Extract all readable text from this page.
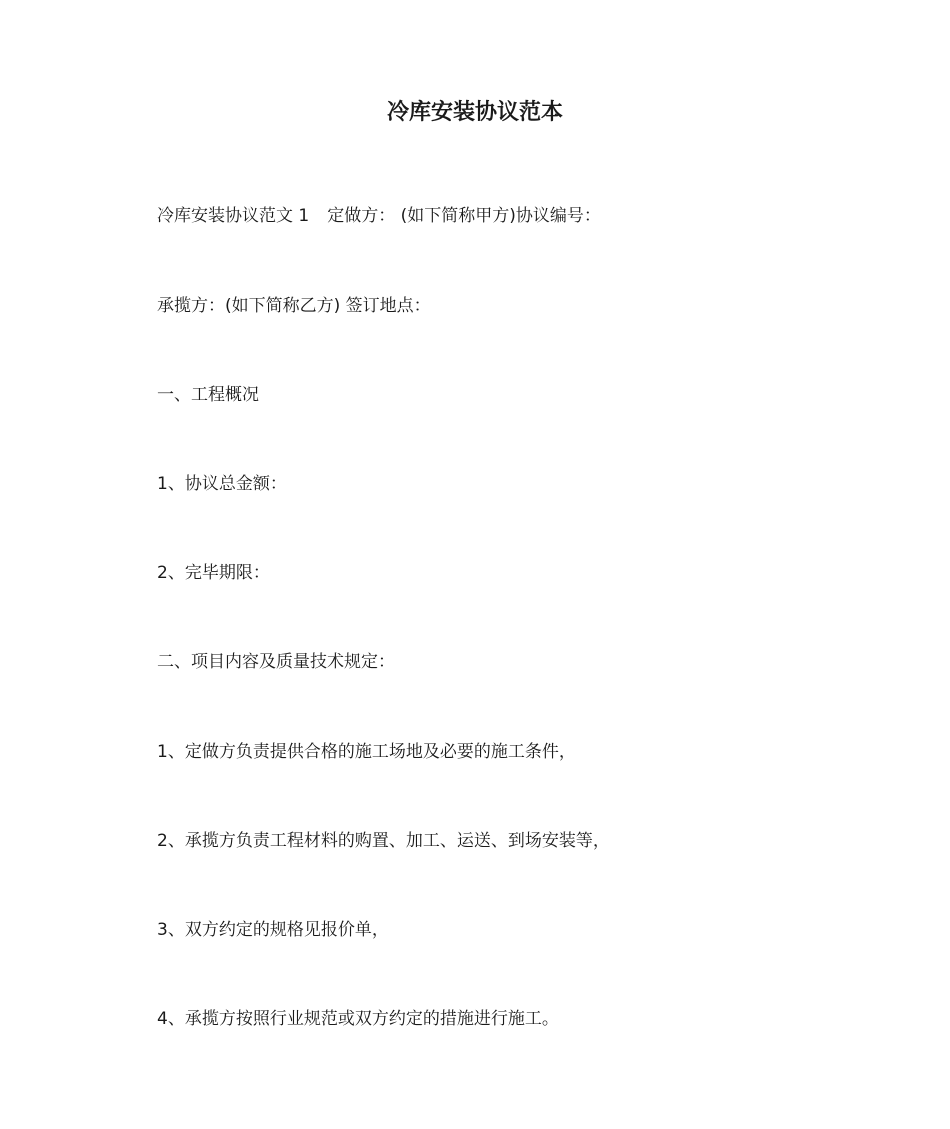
冷库安装协议范本
冷库安装协议范文 1 定做方： (如下简称甲方)协议编号：
承揽方：(如下简称乙方) 签订地点：
一、工程概况
1、协议总金额：
2、完毕期限：
二、项目内容及质量技术规定：
1、定做方负责提供合格的施工场地及必要的施工条件，
2、承揽方负责工程材料的购置、加工、运送、到场安装等，
3、双方约定的规格见报价单，
4、承揽方按照行业规范或双方约定的措施进行施工。
